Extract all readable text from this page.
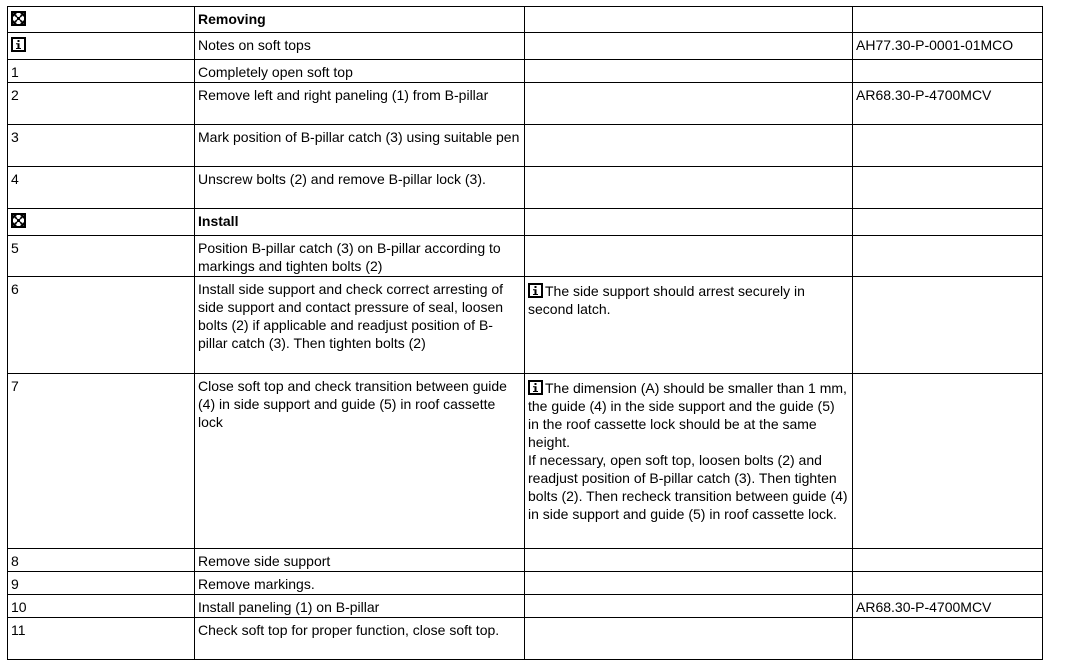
	Removing		

	Notes on soft tops		AH77.30-P-0001-01MCO
1	Completely open soft top		
2	Remove left and right paneling (1) from B-pillar		AR68.30-P-4700MCV
3	Mark position of B-pillar catch (3) using suitable pen		
4	Unscrew bolts (2) and remove B-pillar lock (3).		

	Install		
5	Position B-pillar catch (3) on B-pillar according to markings and tighten bolts (2)		
6	Install side support and check correct arresting of side support and contact pressure of seal, loosen bolts (2) if applicable and readjust position of B-pillar catch (3). Then tighten bolts (2)	The side support should arrest securely in second latch.	

7	Close soft top and check transition between guide (4) in side support and guide (5) in roof cassette lock	The dimension (A) should be smaller than 1 mm, the guide (4) in the side support and the guide (5) in the roof cassette lock should be at the same height.
If necessary, open soft top, loosen bolts (2) and readjust position of B-pillar catch (3). Then tighten bolts (2). Then recheck transition between guide (4) in side support and guide (5) in roof cassette lock.	

8	Remove side support		
9	Remove markings.		
10	Install paneling (1) on B-pillar		AR68.30-P-4700MCV
11	Check soft top for proper function, close soft top.		
